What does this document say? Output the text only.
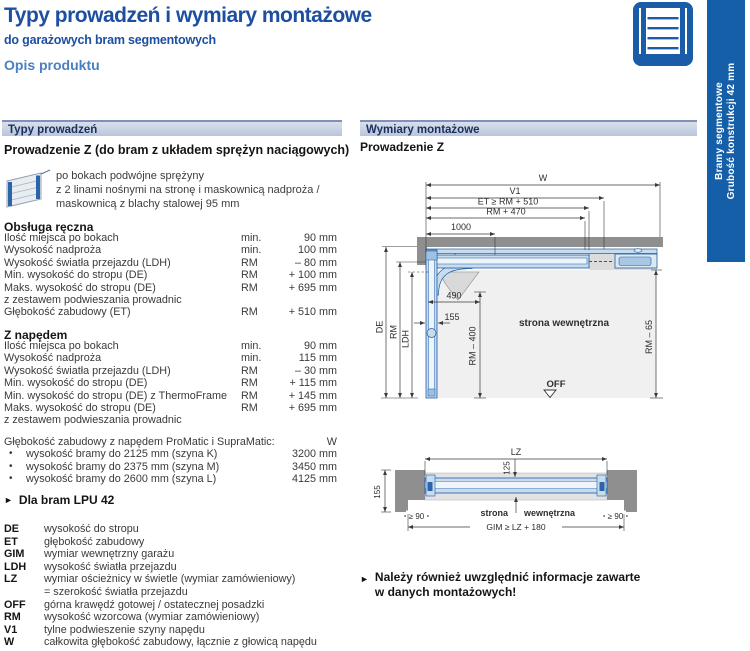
Typy prowadzeń i wymiary montażowe
do garażowych bram segmentowych
Opis produktu
Bramy segmentowe Grubość konstrukcji 42 mm
Typy prowadzeń	Wymiary montażowe
Prowadzenie Z (do bram z układem sprężyn naciągowych) Prowadzenie Z
po bokach podwójne sprężyny
z 2 linami nośnymi na stronę i maskownicą nadproża /
maskownicą z blachy stalowej 95 mm
Obsługa ręczna
Ilość miejsca po bokach	min.	90 mm
Wysokość nadproża	min.	100 mm
Wysokość światła przejazdu (LDH)	RM	– 80 mm
Min. wysokość do stropu (DE)	RM	+ 100 mm
Maks. wysokość do stropu (DE)	RM	+ 695 mm
z zestawem podwieszania prowadnic
Głębokość zabudowy (ET)	RM	+ 510 mm
Z napędem
Ilość miejsca po bokach	min.	90 mm
Wysokość nadproża	min.	115 mm
Wysokość światła przejazdu (LDH)	RM	– 30 mm
Min. wysokość do stropu (DE)	RM	+ 115 mm
Min. wysokość do stropu (DE) z ThermoFrame	RM	+ 145 mm
Maks. wysokość do stropu (DE)	RM	+ 695 mm
z zestawem podwieszania prowadnic
Głębokość zabudowy z napędem ProMatic i SupraMatic:	W
•	wysokość bramy do 2125 mm (szyna K)	3200 mm
•	wysokość bramy do 2375 mm (szyna M)	3450 mm
•	wysokość bramy do 2600 mm (szyna L)	4125 mm
► Dla bram LPU 42
DE	wysokość do stropu
ET	głębokość zabudowy
GIM	wymiar wewnętrzny garażu
LDH	wysokość światła przejazdu
LZ	wymiar ościeżnicy w świetle (wymiar zamówieniowy)
= szerokość światła przejazdu
OFF	górna krawędź gotowej / ostatecznej posadzki
RM	wysokość wzorcowa (wymiar zamówieniowy)
V1	tylne podwieszenie szyny napędu
W	całkowita głębokość zabudowy, łącznie z głowicą napędu
W
V1
ET ≥ RM + 510
RM + 470
1000
DE RM LDH	RM – 400
490
155
RM – 65
strona wewnętrzna
OFF
LZ
125
155
≥ 90	≥ 90
strona wewnętrzna
GIM ≥ LZ + 180
► Należy również uwzględnić informacje zawarte
w danych montażowych!
